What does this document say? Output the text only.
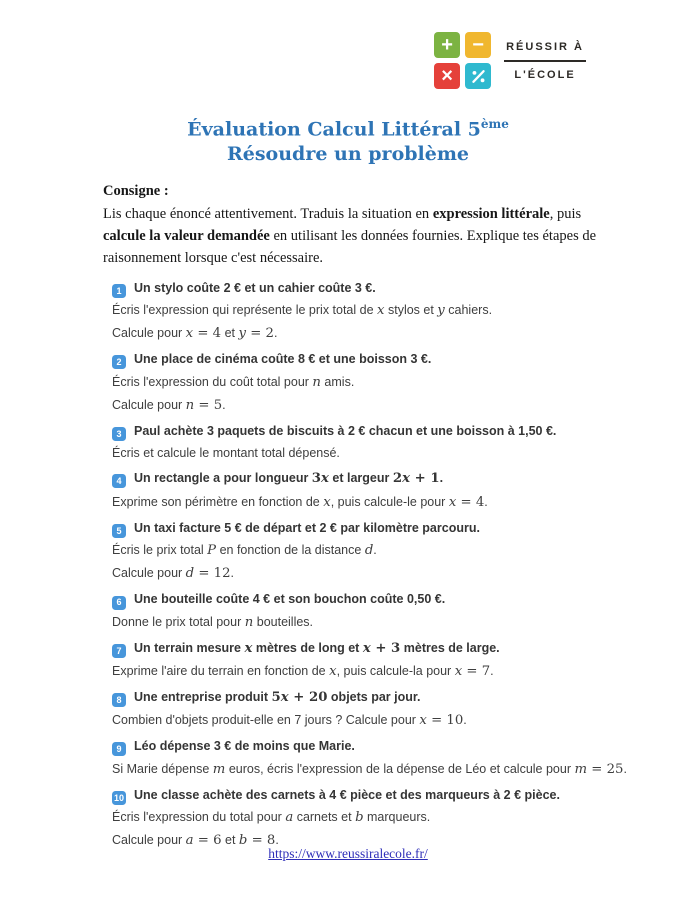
+ −
×
RÉUSSIR À
L'ÉCOLE
Évaluation Calcul Littéral 5ème
Résoudre un problème
Consigne :

Lis chaque énoncé attentivement. Traduis la situation en expression littérale, puis calcule la valeur demandée en utilisant les données fournies. Explique tes étapes de raisonnement lorsque c'est nécessaire.

1 Un stylo coûte 2 € et un cahier coûte 3 €.
Écris l'expression qui représente le prix total de x stylos et y cahiers.
Calcule pour x = 4 et y = 2.
2 Une place de cinéma coûte 8 € et une boisson 3 €.
Écris l'expression du coût total pour n amis.
Calcule pour n = 5.
3 Paul achète 3 paquets de biscuits à 2 € chacun et une boisson à 1,50 €.
Écris et calcule le montant total dépensé.
4 Un rectangle a pour longueur 3x et largeur 2x + 1.
Exprime son périmètre en fonction de x, puis calcule-le pour x = 4.
5 Un taxi facture 5 € de départ et 2 € par kilomètre parcouru.
Écris le prix total P en fonction de la distance d.
Calcule pour d = 12.
6 Une bouteille coûte 4 € et son bouchon coûte 0,50 €.
Donne le prix total pour n bouteilles.
7 Un terrain mesure x mètres de long et x + 3 mètres de large.
Exprime l'aire du terrain en fonction de x, puis calcule-la pour x = 7.
8 Une entreprise produit 5x + 20 objets par jour.
Combien d'objets produit-elle en 7 jours ? Calcule pour x = 10.
9 Léo dépense 3 € de moins que Marie.
Si Marie dépense m euros, écris l'expression de la dépense de Léo et calcule pour m = 25.
10 Une classe achète des carnets à 4 € pièce et des marqueurs à 2 € pièce.
Écris l'expression du total pour a carnets et b marqueurs.
Calcule pour a = 6 et b = 8.
https://www.reussiralecole.fr/
